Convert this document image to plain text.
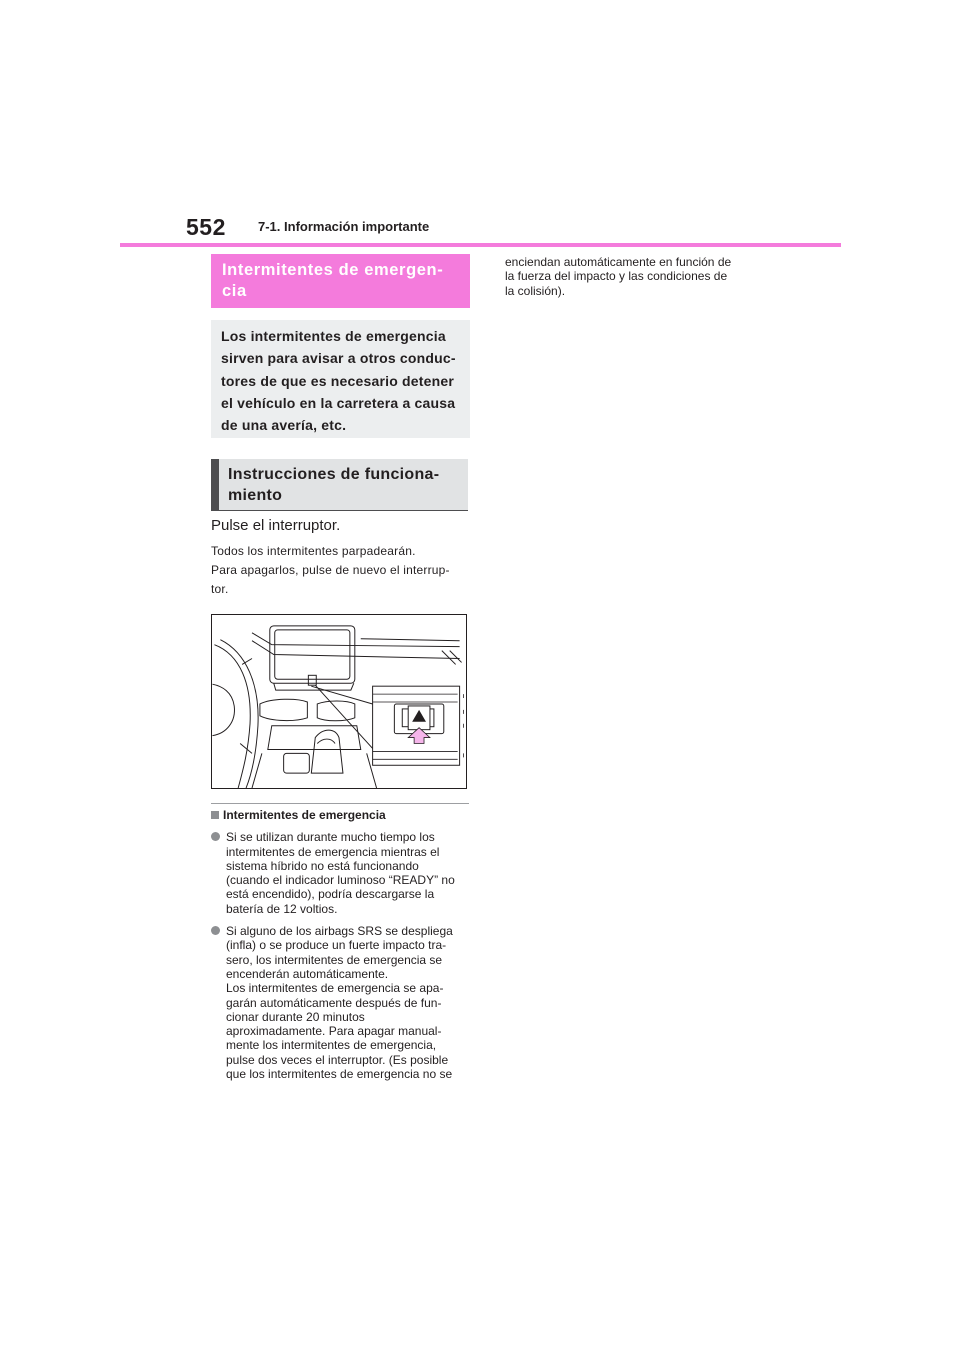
552 7-1. Información importante
Intermitentes de emergen-
cia
Los intermitentes de emergencia
sirven para avisar a otros conduc-
tores de que es necesario detener
el vehículo en la carretera a causa
de una avería, etc.
Instrucciones de funciona-
miento
Pulse el interruptor.

Todos los intermitentes parpadearán.

Para apagarlos, pulse de nuevo el interrup-

tor.

Intermitentes de emergencia

Si se utilizan durante mucho tiempo los

intermitentes de emergencia mientras el

sistema híbrido no está funcionando

(cuando el indicador luminoso “READY” no

está encendido), podría descargarse la

batería de 12 voltios.

Si alguno de los airbags SRS se despliega

(infla) o se produce un fuerte impacto tra-

sero, los intermitentes de emergencia se

encenderán automáticamente.

Los intermitentes de emergencia se apa-

garán automáticamente después de fun-

cionar durante 20 minutos

aproximadamente. Para apagar manual-

mente los intermitentes de emergencia,

pulse dos veces el interruptor. (Es posible

que los intermitentes de emergencia no se

enciendan automáticamente en función de

la fuerza del impacto y las condiciones de

la colisión).
